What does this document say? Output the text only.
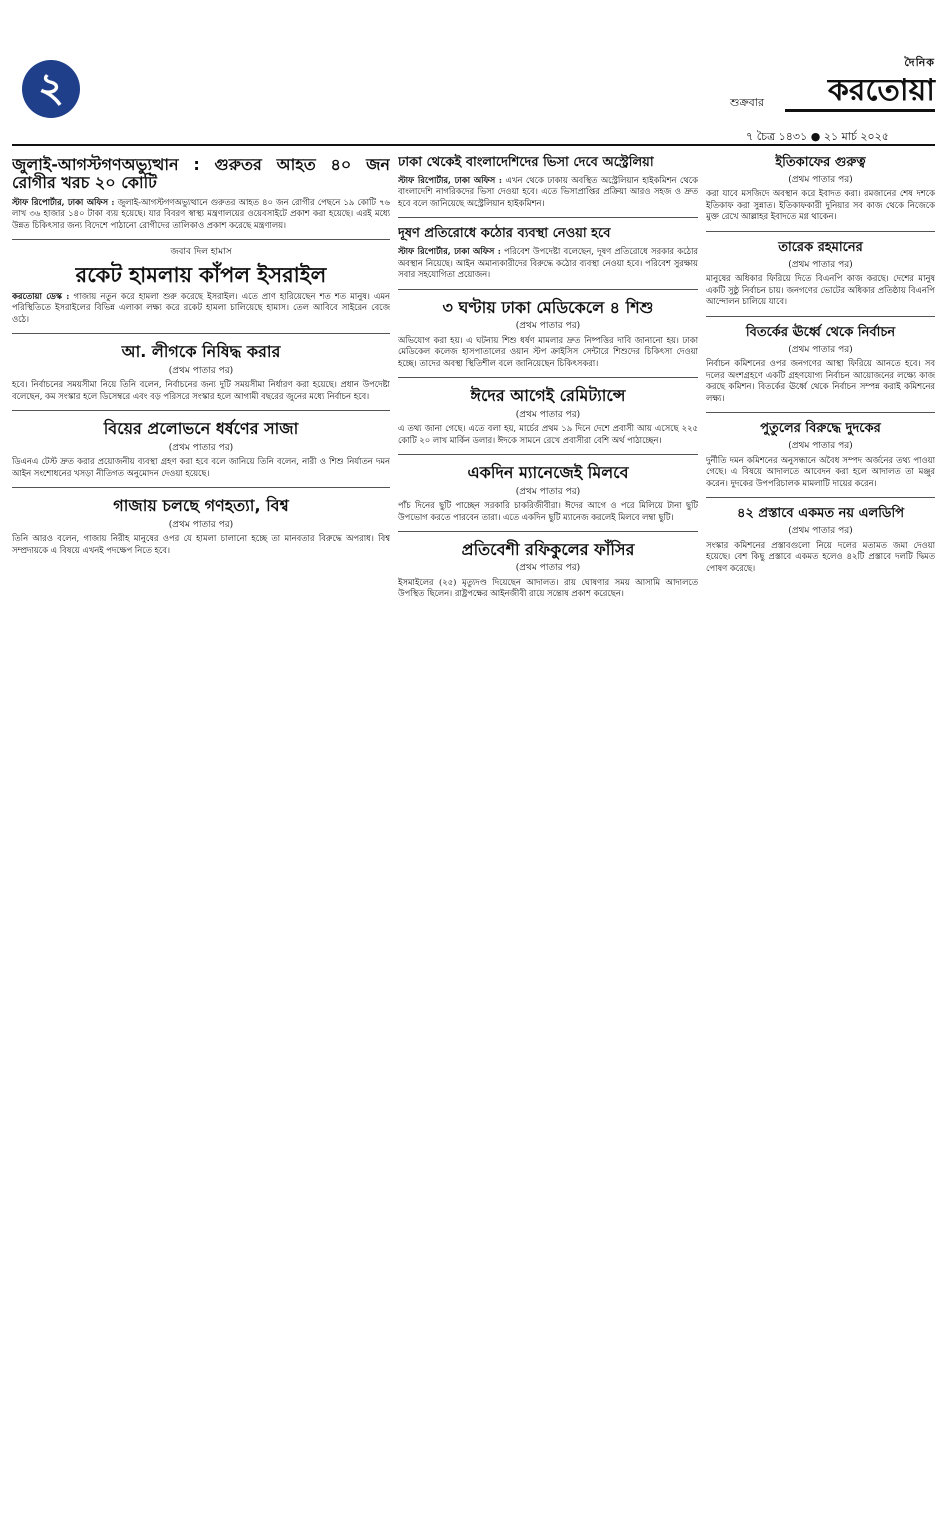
২	শুক্রবার
দৈনিক
করতোয়া
৭ চৈত্র ১৪৩১ ● ২১ মার্চ ২০২৫
জুলাই-আগস্টগণঅভ্যুত্থান : গুরুতর আহত ৪০ জন রোগীর খরচ ২০ কোটি
স্টাফ রিপোর্টার, ঢাকা অফিস : জুলাই-আগস্টগণঅভ্যুত্থানে গুরুতর আহত ৪০ জন রোগীর পেছনে ১৯ কোটি ৭৬ লাখ ৩৬ হাজার ১৪০ টাকা ব্যয় হয়েছে। যার বিবরণ স্বাস্থ্য মন্ত্রণালয়ের ওয়েবসাইটে প্রকাশ করা হয়েছে। এরই মধ্যে উন্নত চিকিৎসার জন্য বিদেশে পাঠানো রোগীদের তালিকাও প্রকাশ করেছে মন্ত্রণালয়।
জবাব দিল হামাস
রকেট হামলায় কাঁপল ইসরাইল
করতোয়া ডেস্ক : গাজায় নতুন করে হামলা শুরু করেছে ইসরাইল। এতে প্রাণ হারিয়েছেন শত শত মানুষ। এমন পরিস্থিতিতে ইসরাইলের বিভিন্ন এলাকা লক্ষ্য করে রকেট হামলা চালিয়েছে হামাস। তেল আবিবে সাইরেন বেজে ওঠে।
আ. লীগকে নিষিদ্ধ করার
(প্রথম পাতার পর)
হবে। নির্বাচনের সময়সীমা নিয়ে তিনি বলেন, নির্বাচনের জন্য দুটি সময়সীমা নির্ধারণ করা হয়েছে। প্রধান উপদেষ্টা বলেছেন, কম সংস্কার হলে ডিসেম্বরে এবং বড় পরিসরে সংস্কার হলে আগামী বছরের জুনের মধ্যে নির্বাচন হবে।
বিয়ের প্রলোভনে ধর্ষণের সাজা
(প্রথম পাতার পর)
ডিএনএ টেস্ট দ্রুত করার প্রয়োজনীয় ব্যবস্থা গ্রহণ করা হবে বলে জানিয়ে তিনি বলেন, নারী ও শিশু নির্যাতন দমন আইন সংশোধনের খসড়া নীতিগত অনুমোদন দেওয়া হয়েছে।
গাজায় চলছে গণহত্যা, বিশ্ব
(প্রথম পাতার পর)
তিনি আরও বলেন, গাজায় নিরীহ মানুষের ওপর যে হামলা চালানো হচ্ছে তা মানবতার বিরুদ্ধে অপরাধ। বিশ্ব সম্প্রদায়কে এ বিষয়ে এখনই পদক্ষেপ নিতে হবে।
ঢাকা থেকেই বাংলাদেশিদের ভিসা দেবে অস্ট্রেলিয়া
স্টাফ রিপোর্টার, ঢাকা অফিস : এখন থেকে ঢাকায় অবস্থিত অস্ট্রেলিয়ান হাইকমিশন থেকে বাংলাদেশি নাগরিকদের ভিসা দেওয়া হবে। এতে ভিসাপ্রাপ্তির প্রক্রিয়া আরও সহজ ও দ্রুত হবে বলে জানিয়েছে অস্ট্রেলিয়ান হাইকমিশন।
দূষণ প্রতিরোধে কঠোর ব্যবস্থা নেওয়া হবে
স্টাফ রিপোর্টার, ঢাকা অফিস : পরিবেশ উপদেষ্টা বলেছেন, দূষণ প্রতিরোধে সরকার কঠোর অবস্থান নিয়েছে। আইন অমান্যকারীদের বিরুদ্ধে কঠোর ব্যবস্থা নেওয়া হবে। পরিবেশ সুরক্ষায় সবার সহযোগিতা প্রয়োজন।
৩ ঘণ্টায় ঢাকা মেডিকেলে ৪ শিশু
(প্রথম পাতার পর)
অভিযোগ করা হয়। এ ঘটনায় শিশু ধর্ষণ মামলার দ্রুত নিষ্পত্তির দাবি জানানো হয়। ঢাকা মেডিকেল কলেজ হাসপাতালের ওয়ান স্টপ ক্রাইসিস সেন্টারে শিশুদের চিকিৎসা দেওয়া হচ্ছে। তাদের অবস্থা স্থিতিশীল বলে জানিয়েছেন চিকিৎসকরা।
ঈদের আগেই রেমিট্যান্সে
(প্রথম পাতার পর)
এ তথ্য জানা গেছে। এতে বলা হয়, মার্চের প্রথম ১৯ দিনে দেশে প্রবাসী আয় এসেছে ২২৫ কোটি ২০ লাখ মার্কিন ডলার। ঈদকে সামনে রেখে প্রবাসীরা বেশি অর্থ পাঠাচ্ছেন।
একদিন ম্যানেজেই মিলবে
(প্রথম পাতার পর)
পাঁচ দিনের ছুটি পাচ্ছেন সরকারি চাকরিজীবীরা। ঈদের আগে ও পরে মিলিয়ে টানা ছুটি উপভোগ করতে পারবেন তারা। এতে একদিন ছুটি ম্যানেজ করলেই মিলবে লম্বা ছুটি।
প্রতিবেশী রফিকুলের ফাঁসির
(প্রথম পাতার পর)
ইসমাইলের (২৫) মৃত্যুদণ্ড দিয়েছেন আদালত। রায় ঘোষণার সময় আসামি আদালতে উপস্থিত ছিলেন। রাষ্ট্রপক্ষের আইনজীবী রায়ে সন্তোষ প্রকাশ করেছেন।
ইতিকাফের গুরুত্ব
(প্রথম পাতার পর)
করা যাবে মসজিদে অবস্থান করে ইবাদত করা। রমজানের শেষ দশকে ইতিকাফ করা সুন্নাত। ইতিকাফকারী দুনিয়ার সব কাজ থেকে নিজেকে মুক্ত রেখে আল্লাহর ইবাদতে মগ্ন থাকেন।
তারেক রহমানের
(প্রথম পাতার পর)
মানুষের অধিকার ফিরিয়ে দিতে বিএনপি কাজ করছে। দেশের মানুষ একটি সুষ্ঠু নির্বাচন চায়। জনগণের ভোটের অধিকার প্রতিষ্ঠায় বিএনপি আন্দোলন চালিয়ে যাবে।
বিতর্কের ঊর্ধ্বে থেকে নির্বাচন
(প্রথম পাতার পর)
নির্বাচন কমিশনের ওপর জনগণের আস্থা ফিরিয়ে আনতে হবে। সব দলের অংশগ্রহণে একটি গ্রহণযোগ্য নির্বাচন আয়োজনের লক্ষ্যে কাজ করছে কমিশন। বিতর্কের ঊর্ধ্বে থেকে নির্বাচন সম্পন্ন করাই কমিশনের লক্ষ্য।
পুতুলের বিরুদ্ধে দুদকের
(প্রথম পাতার পর)
দুর্নীতি দমন কমিশনের অনুসন্ধানে অবৈধ সম্পদ অর্জনের তথ্য পাওয়া গেছে। এ বিষয়ে আদালতে আবেদন করা হলে আদালত তা মঞ্জুর করেন। দুদকের উপপরিচালক মামলাটি দায়ের করেন।
৪২ প্রস্তাবে একমত নয় এলডিপি
(প্রথম পাতার পর)
সংস্কার কমিশনের প্রস্তাবগুলো নিয়ে দলের মতামত জমা দেওয়া হয়েছে। বেশ কিছু প্রস্তাবে একমত হলেও ৪২টি প্রস্তাবে দলটি দ্বিমত পোষণ করেছে।
